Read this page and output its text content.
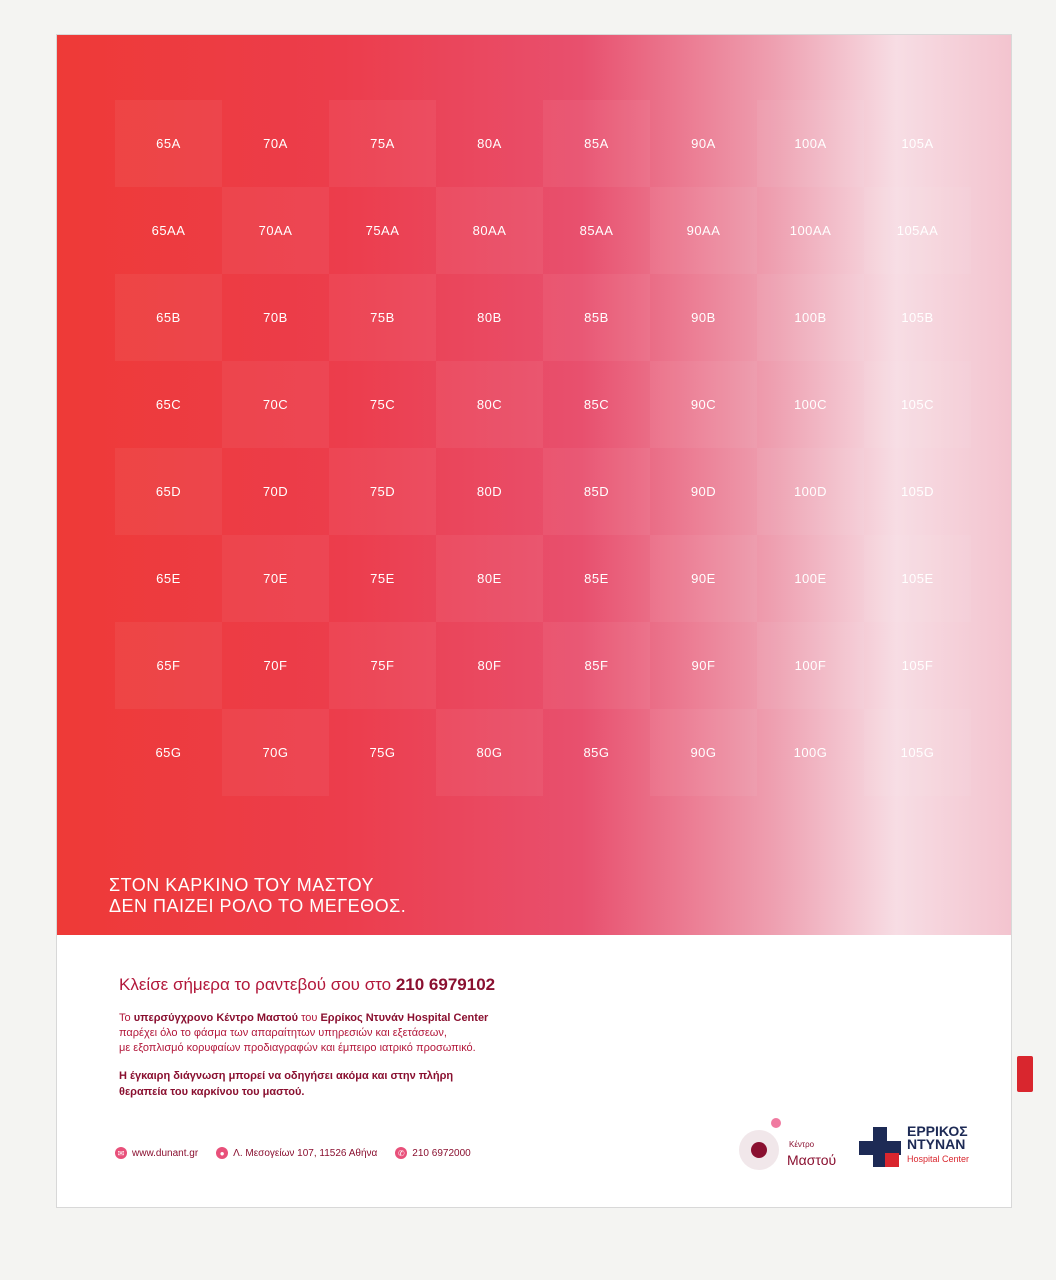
65A	70A	75A	80A	85A	90A	100A	105A
65AA	70AA	75AA	80AA	85AA	90AA	100AA	105AA
65B	70B	75B	80B	85B	90B	100B	105B
65C	70C	75C	80C	85C	90C	100C	105C
65D	70D	75D	80D	85D	90D	100D	105D
65E	70E	75E	80E	85E	90E	100E	105E
65F	70F	75F	80F	85F	90F	100F	105F
65G	70G	75G	80G	85G	90G	100G	105G
ΣΤΟΝ ΚΑΡΚΙΝΟ ΤΟΥ ΜΑΣΤΟΥ
ΔΕΝ ΠΑΙΖΕΙ ΡΟΛΟ ΤΟ ΜΕΓΕΘΟΣ.

Κλείσε σήμερα το ραντεβού σου στο 210 6979102

Το υπερσύγχρονο Κέντρο Μαστού του Ερρίκος Ντυνάν Hospital Center
παρέχει όλο το φάσμα των απαραίτητων υπηρεσιών και εξετάσεων,
με εξοπλισμό κορυφαίων προδιαγραφών και έμπειρο ιατρικό προσωπικό.

Η έγκαιρη διάγνωση μπορεί να οδηγήσει ακόμα και στην πλήρη
θεραπεία του καρκίνου του μαστού.

✉ www.dunant.gr	● Λ. Μεσογείων 107, 11526 Αθήνα	✆ 210 6972000
Κέντρο
Μαστού
ΕΡΡΙΚΟΣ
ΝΤΥΝΑΝ
Hospital Center
